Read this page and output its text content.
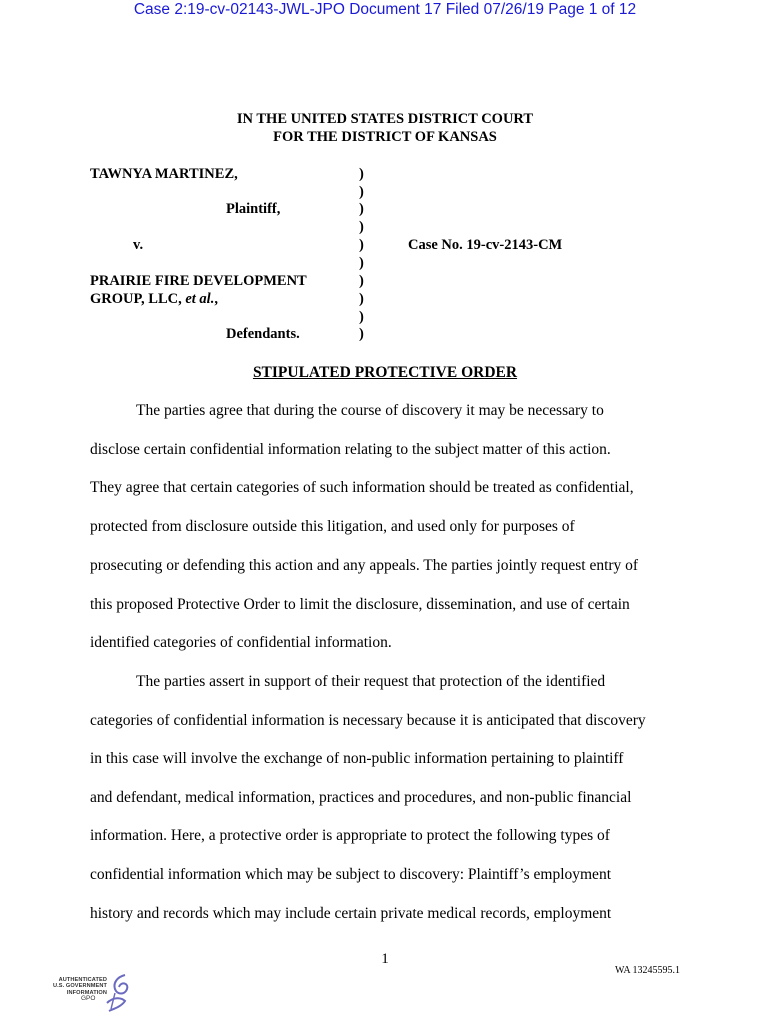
Case 2:19-cv-02143-JWL-JPO Document 17 Filed 07/26/19 Page 1 of 12
IN THE UNITED STATES DISTRICT COURT
FOR THE DISTRICT OF KANSAS
TAWNYA MARTINEZ,
Plaintiff,
v.
PRAIRIE FIRE DEVELOPMENT
GROUP, LLC, et al.,
Defendants.
Case No. 19-cv-2143-CM
)
)
)
)
)
)
)
)
)
)
STIPULATED PROTECTIVE ORDER
The parties agree that during the course of discovery it may be necessary to
disclose certain confidential information relating to the subject matter of this action.
They agree that certain categories of such information should be treated as confidential,
protected from disclosure outside this litigation, and used only for purposes of
prosecuting or defending this action and any appeals. The parties jointly request entry of
this proposed Protective Order to limit the disclosure, dissemination, and use of certain
identified categories of confidential information.
The parties assert in support of their request that protection of the identified
categories of confidential information is necessary because it is anticipated that discovery
in this case will involve the exchange of non-public information pertaining to plaintiff
and defendant, medical information, practices and procedures, and non-public financial
information. Here, a protective order is appropriate to protect the following types of
confidential information which may be subject to discovery: Plaintiff’s employment
history and records which may include certain private medical records, employment
1
WA 13245595.1
AUTHENTICATED
U.S. GOVERNMENT
INFORMATION
GPO
